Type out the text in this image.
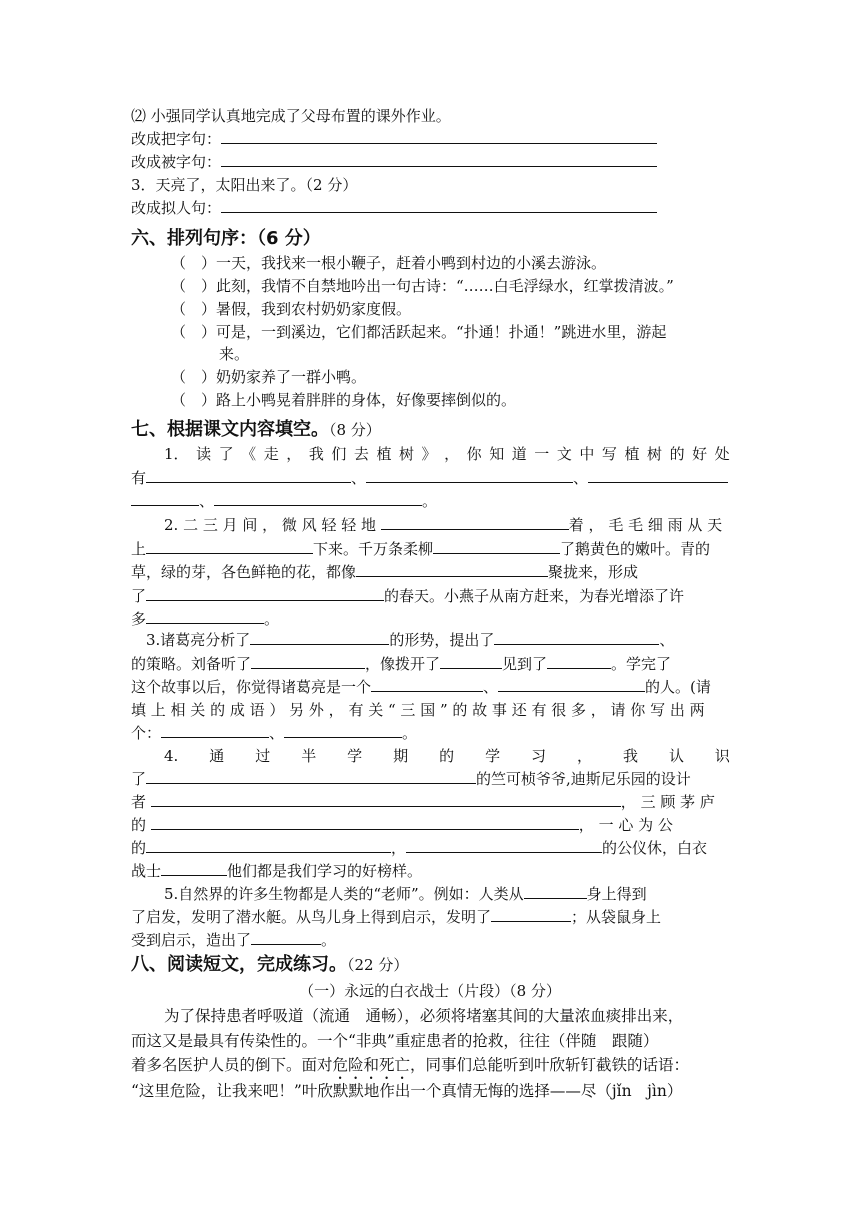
⑵ 小强同学认真地完成了父母布置的课外作业。
改成把字句：
改成被字句：
3．天亮了，太阳出来了。（2 分）
改成拟人句：
六、排列句序：（6 分）
（　）一天，我找来一根小鞭子，赶着小鸭到村边的小溪去游泳。
（　）此刻，我情不自禁地吟出一句古诗：“……白毛浮绿水，红掌拨清波。”
（　）暑假，我到农村奶奶家度假。
（　）可是，一到溪边，它们都活跃起来。“扑通！扑通！”跳进水里，游起
来。
（　）奶奶家养了一群小鸭。
（　）路上小鸭晃着胖胖的身体，好像要摔倒似的。
七、根据课文内容填空。（8 分）
1． 读 了 《 走 ， 我 们 去 植 树 》 ， 你 知 道 一 文 中 写 植 树 的 好 处
有	、	、
、	。
2. 二 三 月 间 ， 微 风 轻 轻 地	着 ， 毛 毛 细 雨 从 天
上	下来。千万条柔柳	了鹅黄色的嫩叶。青的
草，绿的芽，各色鲜艳的花，都像	聚拢来，形成
了	的春天。小燕子从南方赶来，为春光增添了许
多	。
3.诸葛亮分析了	的形势，提出了	、
的策略。刘备听了	，像拨开了	见到了	。学完了
这个故事以后，你觉得诸葛亮是一个	、	的人。(请
填 上 相 关 的 成 语 ） 另 外 ， 有 关 “ 三 国 ” 的 故 事 还 有 很 多 ， 请 你 写 出 两
个：	、	。
4. 通 过 半 学 期 的 学 习 ， 我 认 识
了	的竺可桢爷爷,迪斯尼乐园的设计
者	， 三 顾 茅 庐
的	， 一 心 为 公
的	，	的公仪休，白衣
战士	他们都是我们学习的好榜样。
5.自然界的许多生物都是人类的“老师”。例如：人类从	身上得到
了启发，发明了潜水艇。从鸟儿身上得到启示，发明了	；从袋鼠身上
受到启示，造出了	。
八、阅读短文，完成练习。（22 分）
（一）永远的白衣战士（片段）（8 分）
为了保持患者呼吸道（流通　通畅），必须将堵塞其间的大量浓血痰排出来，
而这又是最具有传染性的。一个“非典”重症患者的抢救，往往（伴随　跟随）
着多名医护人员的倒下。面对危险和死亡，同事们总能听到叶欣斩钉截铁的话语：
“这里危险，让我来吧！”叶欣默默地作出一个真情无悔的选择——尽（jǐn　jìn）
